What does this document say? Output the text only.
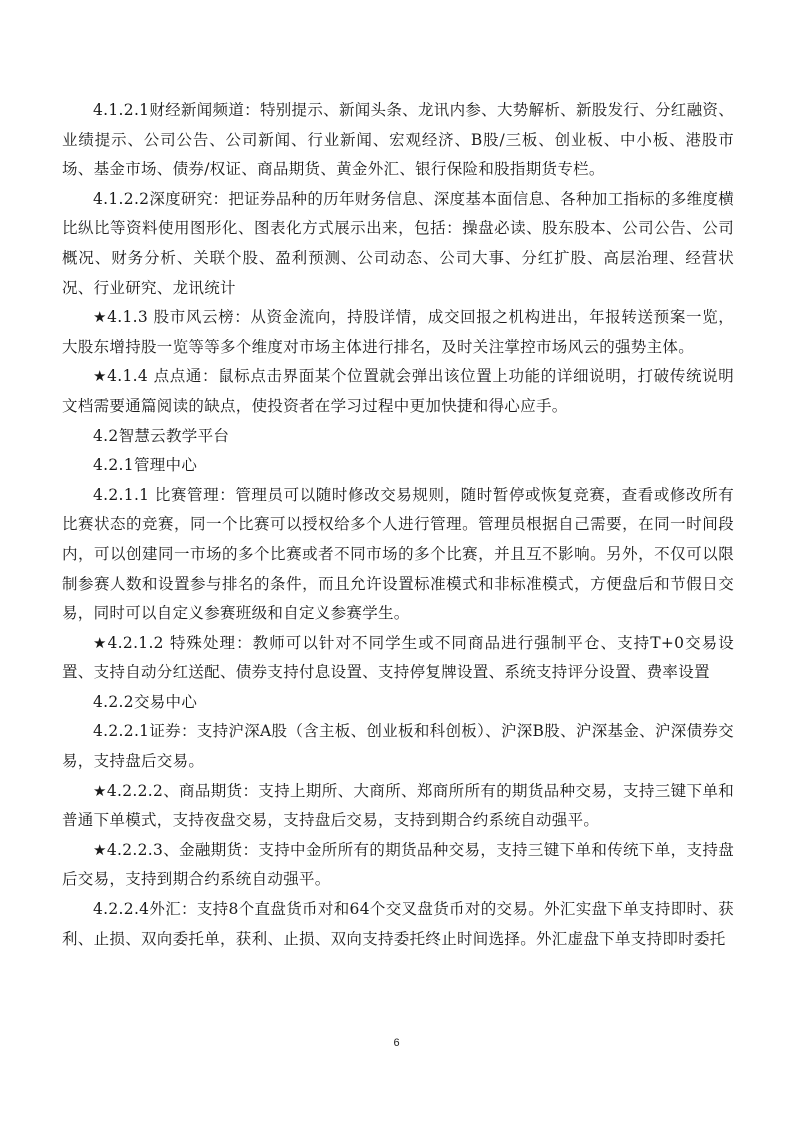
4.1.2.1财经新闻频道：特别提示、新闻头条、龙讯内参、大势解析、新股发行、分红融资、业绩提示、公司公告、公司新闻、行业新闻、宏观经济、B股/三板、创业板、中小板、港股市场、基金市场、债券/权证、商品期货、黄金外汇、银行保险和股指期货专栏。

4.1.2.2深度研究：把证券品种的历年财务信息、深度基本面信息、各种加工指标的多维度横比纵比等资料使用图形化、图表化方式展示出来，包括：操盘必读、股东股本、公司公告、公司概况、财务分析、关联个股、盈利预测、公司动态、公司大事、分红扩股、高层治理、经营状况、行业研究、龙讯统计

★4.1.3 股市风云榜：从资金流向，持股详情，成交回报之机构进出，年报转送预案一览，大股东增持股一览等等多个维度对市场主体进行排名，及时关注掌控市场风云的强势主体。

★4.1.4 点点通：鼠标点击界面某个位置就会弹出该位置上功能的详细说明，打破传统说明文档需要通篇阅读的缺点，使投资者在学习过程中更加快捷和得心应手。

4.2智慧云教学平台

4.2.1管理中心

4.2.1.1 比赛管理：管理员可以随时修改交易规则，随时暂停或恢复竞赛，查看或修改所有比赛状态的竞赛，同一个比赛可以授权给多个人进行管理。管理员根据自己需要，在同一时间段内，可以创建同一市场的多个比赛或者不同市场的多个比赛，并且互不影响。另外，不仅可以限制参赛人数和设置参与排名的条件，而且允许设置标准模式和非标准模式，方便盘后和节假日交易，同时可以自定义参赛班级和自定义参赛学生。

★4.2.1.2 特殊处理：教师可以针对不同学生或不同商品进行强制平仓、支持T+0交易设置、支持自动分红送配、债券支持付息设置、支持停复牌设置、系统支持评分设置、费率设置

4.2.2交易中心

4.2.2.1证券：支持沪深A股（含主板、创业板和科创板）、沪深B股、沪深基金、沪深债券交易，支持盘后交易。

★4.2.2.2、商品期货：支持上期所、大商所、郑商所所有的期货品种交易，支持三键下单和普通下单模式，支持夜盘交易，支持盘后交易，支持到期合约系统自动强平。

★4.2.2.3、金融期货：支持中金所所有的期货品种交易，支持三键下单和传统下单，支持盘后交易，支持到期合约系统自动强平。

4.2.2.4外汇：支持8个直盘货币对和64个交叉盘货币对的交易。外汇实盘下单支持即时、获利、止损、双向委托单，获利、止损、双向支持委托终止时间选择。外汇虚盘下单支持即时委托

6
